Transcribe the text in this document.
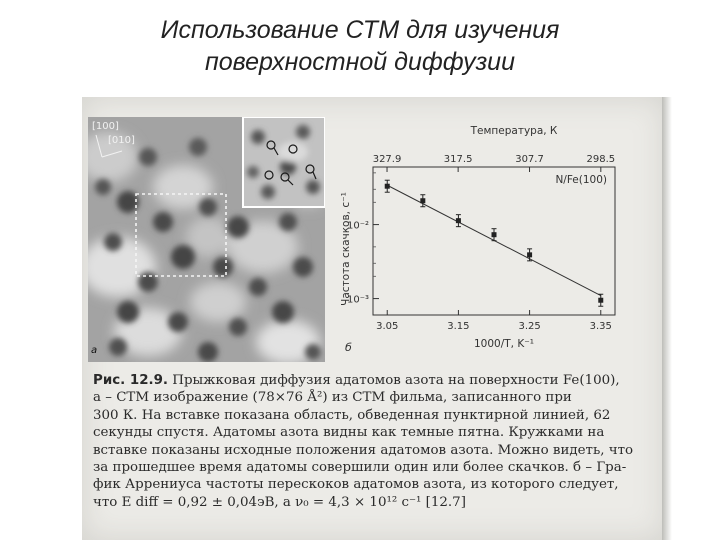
Использование СТМ для изучения
поверхностной диффузии
[100]
[010]
а
Температура, К
327.9	317.5	307.7	298.5
3.05	3.15	3.25	3.35
1000/T, K⁻¹
10⁻²
10⁻³
Частота скачков, с⁻¹
N/Fe(100)
б
Рис. 12.9. Прыжковая диффузия адатомов азота на поверхности Fe(100),
а – СТМ изображение (78×76 Å²) из СТМ фильма, записанного при
300 К. На вставке показана область, обведенная пунктирной линией, 62
секунды спустя. Адатомы азота видны как темные пятна. Кружками на
вставке показаны исходные положения адатомов азота. Можно видеть, что
за прошедшее время адатомы совершили один или более скачков. б – Гра-
фик Аррениуса частоты перескоков адатомов азота, из которого следует,
что E diff = 0,92 ± 0,04эВ, а ν₀ = 4,3 × 10¹² с⁻¹ [12.7]
